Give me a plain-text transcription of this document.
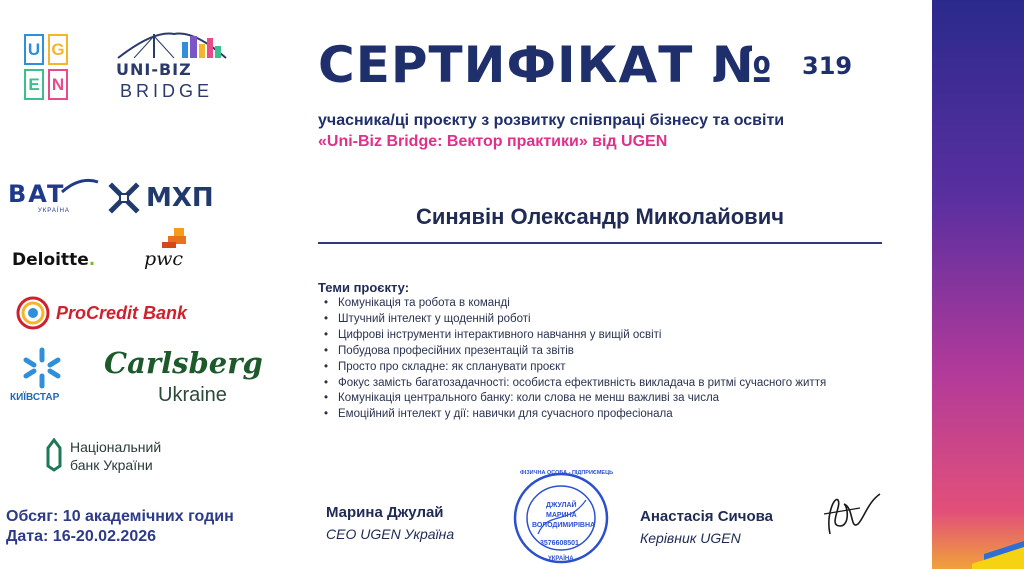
U G
E N
UNI-BIZ
BRIDGE СЕРТИФІКАТ № 319
учасника/ці проєкту з розвитку співпраці бізнесу та освіти
«Uni-Biz Bridge: Вектор практики» від UGEN
Синявін Олександр Миколайович
Теми проєкту:
• Комунікація та робота в команді
• Штучний інтелект у щоденній роботі
• Цифрові інструменти інтерактивного навчання у вищій освіті
• Побудова професійних презентацій та звітів
• Просто про складне: як спланувати проєкт
• Фокус замість багатозадачності: особиста ефективність викладача в ритмі сучасного життя
• Комунікація центрального банку: коли слова не менш важливі за числа
• Емоційний інтелект у дії: навички для сучасного професіонала
BAT
УКРАЇНА	МХП
Deloitte.	pwc
ProCredit Bank
КИЇВСТАР
Carlsberg
Ukraine
Національний
банк України
Обсяг: 10 академічних годин
Дата: 16-20.02.2026
Марина Джулай
CEO UGEN Україна
ФІЗИЧНА ОСОБА - ПІДПРИЄМЕЦЬ
ДЖУЛАЙ
МАРИНА
ВОЛОДИМИРІВНА
3576608501
УКРАЇНА
Анастасія Сичова
Керівник UGEN
